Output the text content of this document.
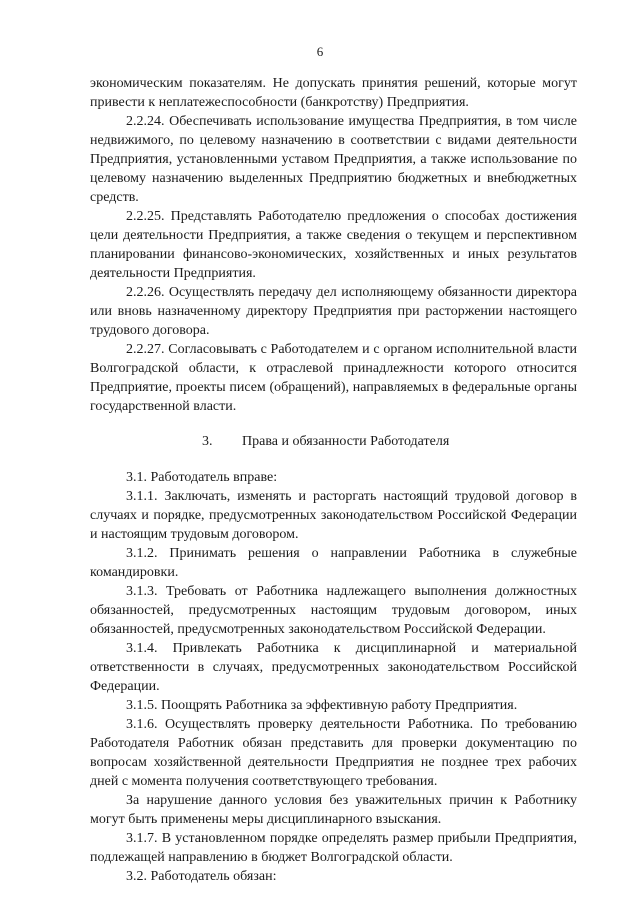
6

экономическим показателям. Не допускать принятия решений, которые могут привести к неплатежеспособности (банкротству) Предприятия.

2.2.24. Обеспечивать использование имущества Предприятия, в том числе недвижимого, по целевому назначению в соответствии с видами деятельности Предприятия, установленными уставом Предприятия, а также использование по целевому назначению выделенных Предприятию бюджетных и внебюджетных средств.

2.2.25. Представлять Работодателю предложения о способах достижения цели деятельности Предприятия, а также сведения о текущем и перспективном планировании финансово-экономических, хозяйственных и иных результатов деятельности Предприятия.

2.2.26. Осуществлять передачу дел исполняющему обязанности директора или вновь назначенному директору Предприятия при расторжении настоящего трудового договора.

2.2.27. Согласовывать с Работодателем и с органом исполнительной власти Волгоградской области, к отраслевой принадлежности которого относится Предприятие, проекты писем (обращений), направляемых в федеральные органы государственной власти.

3. Права и обязанности Работодателя

3.1. Работодатель вправе:

3.1.1. Заключать, изменять и расторгать настоящий трудовой договор в случаях и порядке, предусмотренных законодательством Российской Федерации и настоящим трудовым договором.

3.1.2. Принимать решения о направлении Работника в служебные командировки.

3.1.3. Требовать от Работника надлежащего выполнения должностных обязанностей, предусмотренных настоящим трудовым договором, иных обязанностей, предусмотренных законодательством Российской Федерации.

3.1.4. Привлекать Работника к дисциплинарной и материальной ответственности в случаях, предусмотренных законодательством Российской Федерации.

3.1.5. Поощрять Работника за эффективную работу Предприятия.

3.1.6. Осуществлять проверку деятельности Работника. По требованию Работодателя Работник обязан представить для проверки документацию по вопросам хозяйственной деятельности Предприятия не позднее трех рабочих дней с момента получения соответствующего требования.

За нарушение данного условия без уважительных причин к Работнику могут быть применены меры дисциплинарного взыскания.

3.1.7. В установленном порядке определять размер прибыли Предприятия, подлежащей направлению в бюджет Волгоградской области.

3.2. Работодатель обязан:
